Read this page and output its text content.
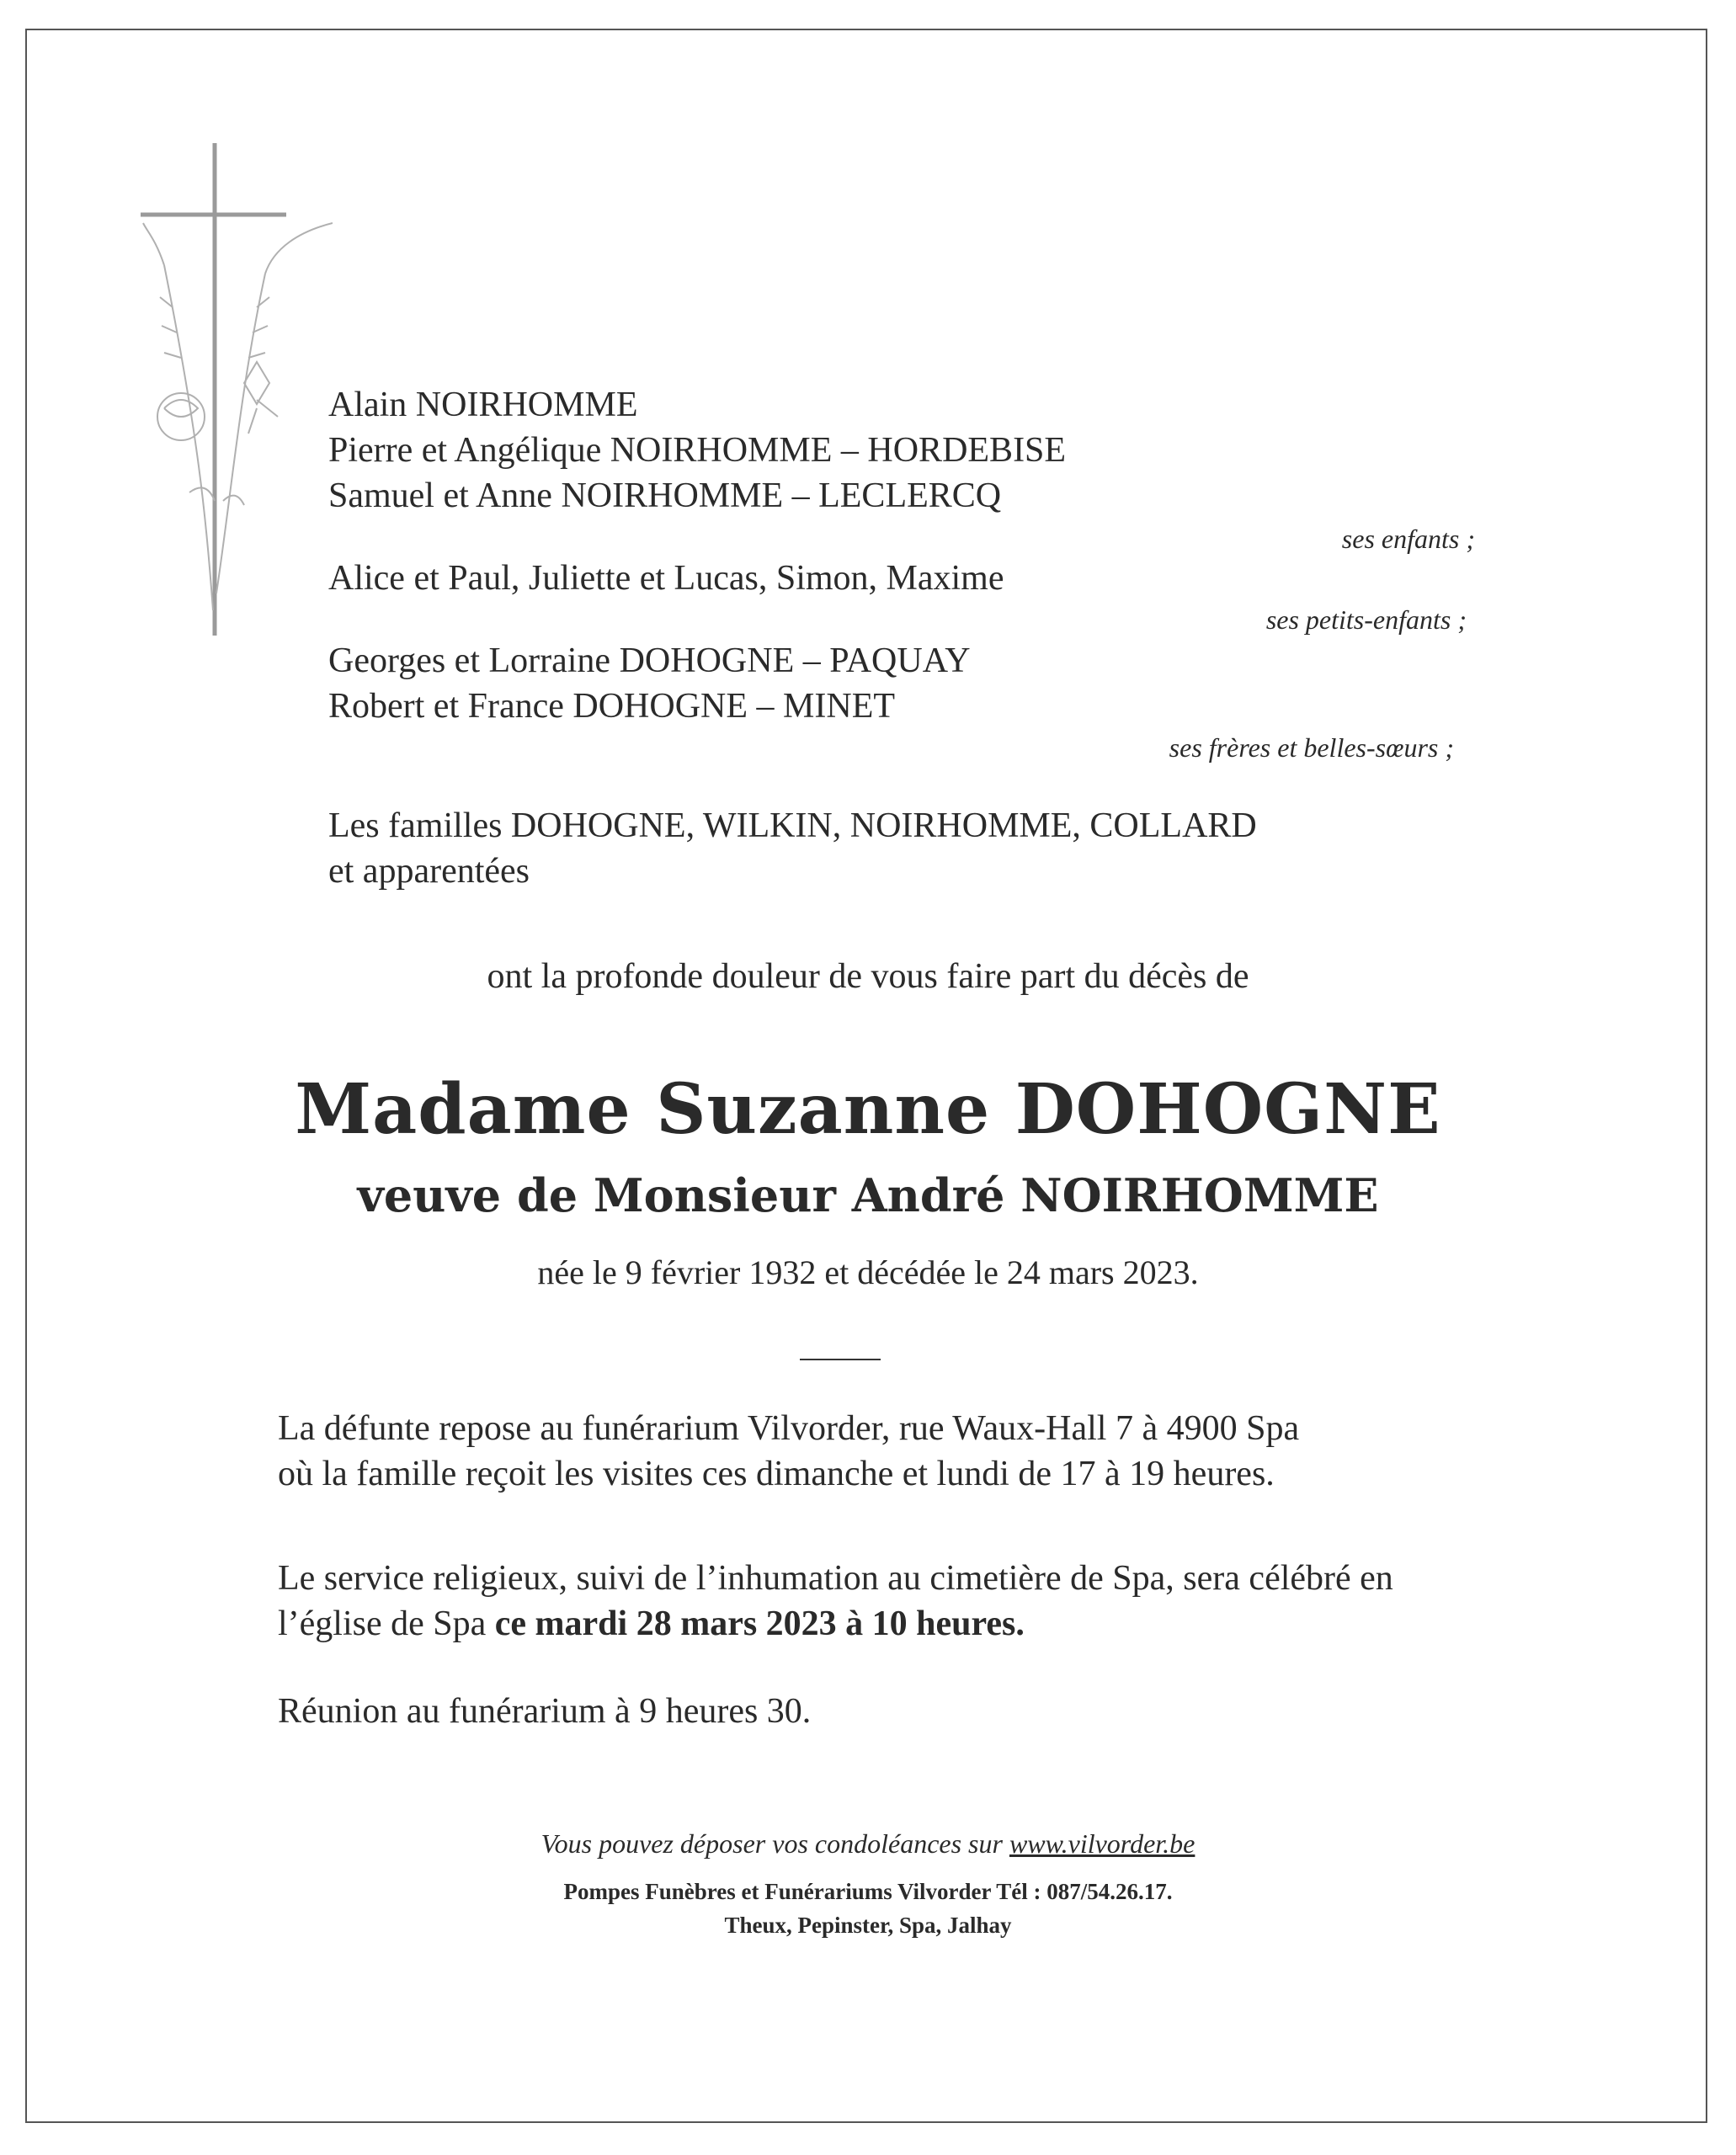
Alain NOIRHOMME
Pierre et Angélique NOIRHOMME – HORDEBISE
Samuel et Anne NOIRHOMME – LECLERCQ
ses enfants ;
Alice et Paul, Juliette et Lucas, Simon, Maxime
ses petits-enfants ;
Georges et Lorraine DOHOGNE – PAQUAY
Robert et France DOHOGNE – MINET
ses frères et belles-sœurs ;
Les familles DOHOGNE, WILKIN, NOIRHOMME, COLLARD
et apparentées
ont la profonde douleur de vous faire part du décès de
Madame Suzanne DOHOGNE
veuve de Monsieur André NOIRHOMME
née le 9 février 1932 et décédée le 24 mars 2023.
La défunte repose au funérarium Vilvorder, rue Waux-Hall 7 à 4900 Spa
où la famille reçoit les visites ces dimanche et lundi de 17 à 19 heures.
Le service religieux, suivi de l’inhumation au cimetière de Spa, sera célébré en
l’église de Spa ce mardi 28 mars 2023 à 10 heures.
Réunion au funérarium à 9 heures 30.
Vous pouvez déposer vos condoléances sur www.vilvorder.be
Pompes Funèbres et Funérariums Vilvorder Tél : 087/54.26.17.
Theux, Pepinster, Spa, Jalhay
